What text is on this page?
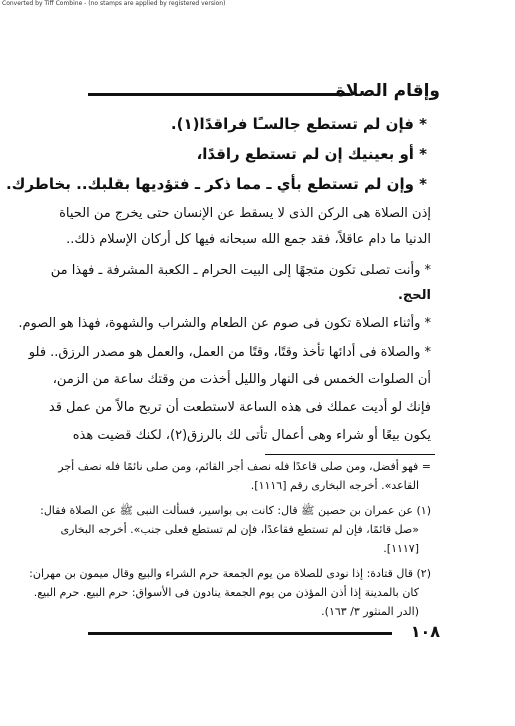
Converted by Tiff Combine - (no stamps are applied by registered version)
وإقام الصلاة
* فإن لم تستطع جالسـًا فراقدًا(١).
* أو بعينيك إن لم تستطع راقدًا،
* وإن لم تستطع بأي ـ مما ذكر ـ فتؤديها بقلبك.. بخاطرك.
إذن الصلاة هى الركن الذى لا يسقط عن الإنسان حتى يخرج من الحياة
الدنيا ما دام عاقلاً، فقد جمع الله سبحانه فيها كل أركان الإسلام ذلك..
* وأنت تصلى تكون متجهًا إلى البيت الحرام ـ الكعبة المشرفة ـ فهذا من
الحج.
* وأثناء الصلاة تكون فى صوم عن الطعام والشراب والشهوة، فهذا هو الصوم.
* والصلاة فى أدائها تأخذ وقتًا، وقتًا من العمل، والعمل هو مصدر الرزق.. فلو
أن الصلوات الخمس فى النهار والليل أخذت من وقتك ساعة من الزمن،
فإنك لو أديت عملك فى هذه الساعة لاستطعت أن تربح مالاً من عمل قد
يكون بيعًا أو شراء وهى أعمال تأتى لك بالرزق(٢)، لكنك قضيت هذه
= فهو أفضل، ومن صلى قاعدًا فله نصف أجر القائم، ومن صلى نائمًا فله نصف أجر
القاعد». أخرجه البخارى رقم [١١١٦].
(١) عن عمران بن حصين ﷺ قال: كانت بى بواسير، فسألت النبى ﷺ عن الصلاة فقال:
«صل قائمًا، فإن لم تستطع فقاعدًا، فإن لم تستطع فعلى جنب». أخرجه البخارى
[١١١٧].
(٢) قال قتادة: إذا نودى للصلاة من يوم الجمعة حرم الشراء والبيع وقال ميمون بن مهران:
كان بالمدينة إذا أذن المؤذن من يوم الجمعة ينادون فى الأسواق: حرم البيع. حرم البيع.
(الدر المنثور ٣/ ١٦٣).
١٠٨
